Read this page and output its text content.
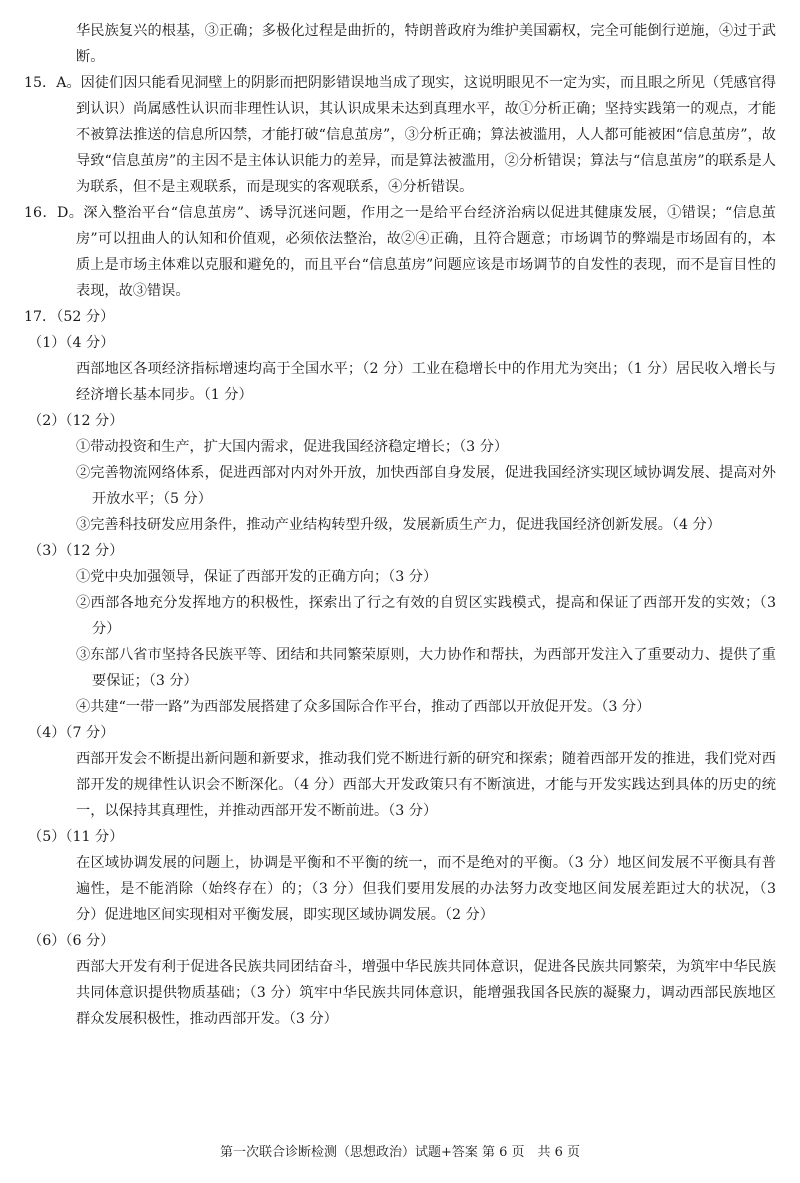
华民族复兴的根基，③正确；多极化过程是曲折的，特朗普政府为维护美国霸权，完全可能倒行逆施，④过于武断。

15．A。因徒们因只能看见洞壁上的阴影而把阴影错误地当成了现实，这说明眼见不一定为实，而且眼之所见（凭感官得到认识）尚属感性认识而非理性认识，其认识成果未达到真理水平，故①分析正确；坚持实践第一的观点，才能不被算法推送的信息所囚禁，才能打破“信息茧房”，③分析正确；算法被滥用，人人都可能被困“信息茧房”，故导致“信息茧房”的主因不是主体认识能力的差异，而是算法被滥用，②分析错误；算法与“信息茧房”的联系是人为联系，但不是主观联系，而是现实的客观联系，④分析错误。

16．D。深入整治平台“信息茧房”、诱导沉迷问题，作用之一是给平台经济治病以促进其健康发展，①错误；“信息茧房”可以扭曲人的认知和价值观，必须依法整治，故②④正确，且符合题意；市场调节的弊端是市场固有的，本质上是市场主体难以克服和避免的，而且平台“信息茧房”问题应该是市场调节的自发性的表现，而不是盲目性的表现，故③错误。

17．（52 分）

（1）（4 分）

西部地区各项经济指标增速均高于全国水平；（2 分）工业在稳增长中的作用尤为突出；（1 分）居民收入增长与经济增长基本同步。（1 分）

（2）（12 分）

①带动投资和生产，扩大国内需求，促进我国经济稳定增长；（3 分）

②完善物流网络体系，促进西部对内对外开放，加快西部自身发展，促进我国经济实现区域协调发展、提高对外开放水平；（5 分）

③完善科技研发应用条件，推动产业结构转型升级，发展新质生产力，促进我国经济创新发展。（4 分）

（3）（12 分）

①党中央加强领导，保证了西部开发的正确方向；（3 分）

②西部各地充分发挥地方的积极性，探索出了行之有效的自贸区实践模式，提高和保证了西部开发的实效；（3 分）

③东部八省市坚持各民族平等、团结和共同繁荣原则，大力协作和帮扶，为西部开发注入了重要动力、提供了重要保证；（3 分）

④共建“一带一路”为西部发展搭建了众多国际合作平台，推动了西部以开放促开发。（3 分）

（4）（7 分）

西部开发会不断提出新问题和新要求，推动我们党不断进行新的研究和探索；随着西部开发的推进，我们党对西部开发的规律性认识会不断深化。（4 分）西部大开发政策只有不断演进，才能与开发实践达到具体的历史的统一，以保持其真理性，并推动西部开发不断前进。（3 分）

（5）（11 分）

在区域协调发展的问题上，协调是平衡和不平衡的统一，而不是绝对的平衡。（3 分）地区间发展不平衡具有普遍性，是不能消除（始终存在）的；（3 分）但我们要用发展的办法努力改变地区间发展差距过大的状况，（3 分）促进地区间实现相对平衡发展，即实现区域协调发展。（2 分）

（6）（6 分）

西部大开发有利于促进各民族共同团结奋斗，增强中华民族共同体意识，促进各民族共同繁荣，为筑牢中华民族共同体意识提供物质基础；（3 分）筑牢中华民族共同体意识，能增强我国各民族的凝聚力，调动西部民族地区群众发展积极性，推动西部开发。（3 分）

第一次联合诊断检测（思想政治）试题+答案 第 6 页　共 6 页
